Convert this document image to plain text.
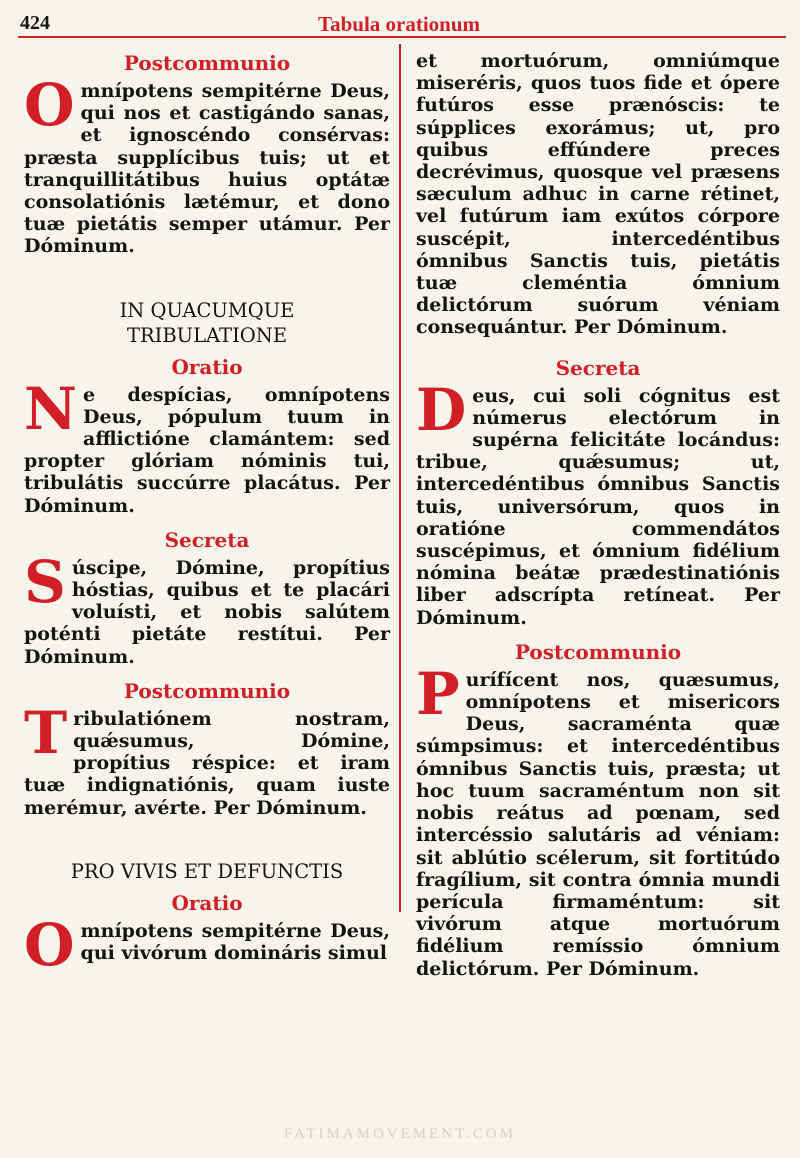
424	Tabula orationum
Postcommunio

Omnípotens sempitérne Deus, qui nos et castigándo sanas, et ignoscéndo consérvas: præsta supplícibus tuis; ut et tranquillitátibus huius optátæ consolatiónis lætémur, et dono tuæ pietátis semper utámur. Per Dóminum.

IN QUACUMQUE
TRIBULATIONE
Oratio

Ne despícias, omnípotens Deus, pópulum tuum in afflictióne clamántem: sed propter glóriam nóminis tui, tribulátis succúrre placátus. Per Dóminum.

Secreta

Súscipe, Dómine, propítius hóstias, quibus et te placári voluísti, et nobis salútem poténti pietáte restítui. Per Dóminum.

Postcommunio

Tribulatiónem nostram, quǽsumus, Dómine, propítius réspice: et iram tuæ indignatiónis, quam iuste merémur, avérte. Per Dóminum.

PRO VIVIS ET DEFUNCTIS
Oratio

Omnípotens sempitérne Deus, qui vivórum domináris simul

et mortuórum, omniúmque miseréris, quos tuos fide et ópere futúros esse prænóscis: te súpplices exorámus; ut, pro quibus effúndere preces decrévimus, quosque vel præsens sæculum adhuc in carne rétinet, vel futúrum iam exútos córpore suscépit, intercedéntibus ómnibus Sanctis tuis, pietátis tuæ cleméntia ómnium delictórum suórum véniam consequántur. Per Dóminum.

Secreta

Deus, cui soli cógnitus est númerus electórum in supérna felicitáte locándus: tribue, quǽsumus; ut, intercedéntibus ómnibus Sanctis tuis, universórum, quos in oratióne commendátos suscépimus, et ómnium fidélium nómina beátæ prædestinatiónis liber adscrípta retíneat. Per Dóminum.

Postcommunio

Purífícent nos, quæsumus, omnípotens et misericors Deus, sacraménta quæ súmpsimus: et intercedéntibus ómnibus Sanctis tuis, præsta; ut hoc tuum sacraméntum non sit nobis reátus ad pœnam, sed intercéssio salutáris ad véniam: sit ablútio scélerum, sit fortitúdo fragílium, sit contra ómnia mundi perícula firmaméntum: sit vivórum atque mortuórum fidélium remíssio ómnium delictórum. Per Dóminum.

FATIMAMOVEMENT.COM
